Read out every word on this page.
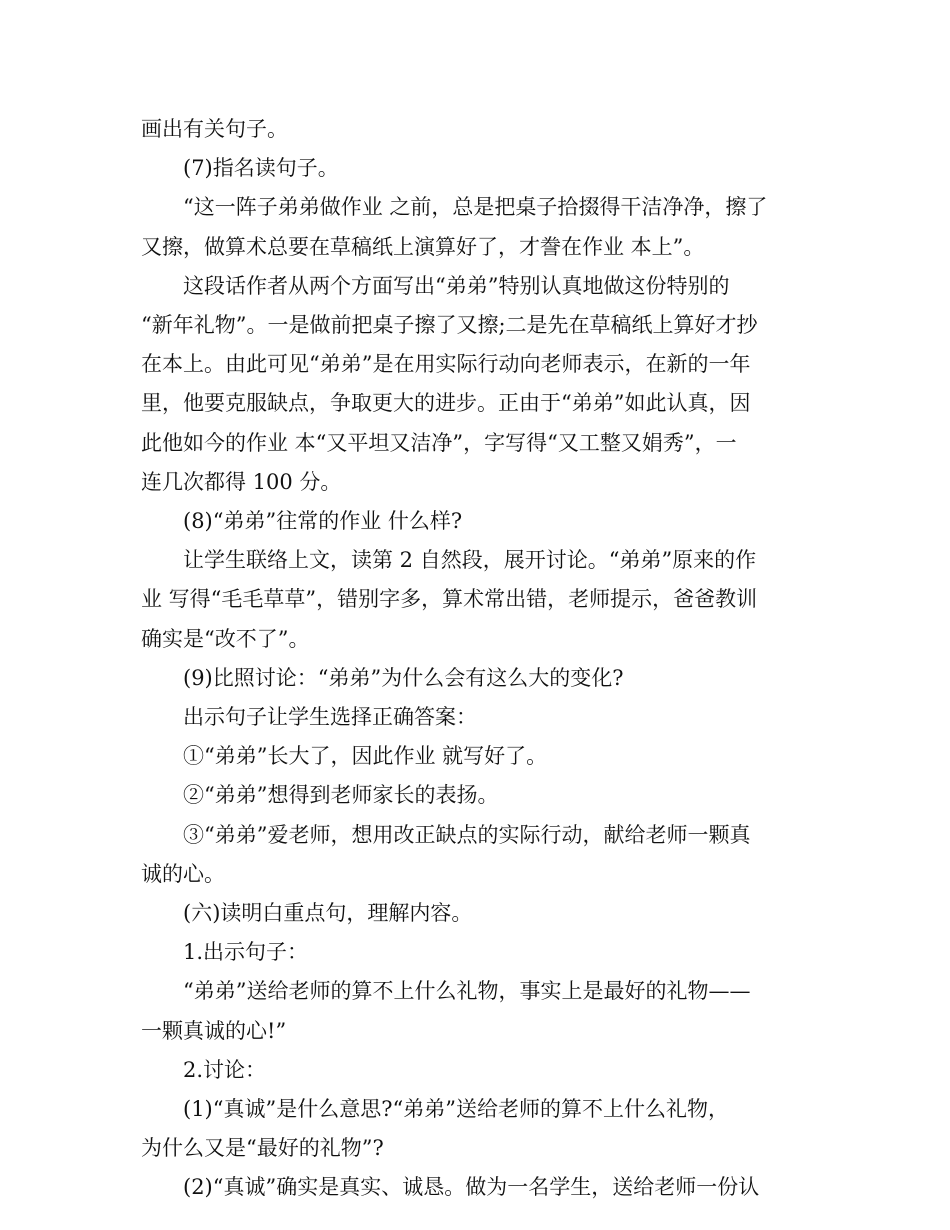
画出有关句子。

(7)指名读句子。

“这一阵子弟弟做作业 之前，总是把桌子拾掇得干洁净净，擦了

又擦，做算术总要在草稿纸上演算好了，才誊在作业 本上”。

这段话作者从两个方面写出“弟弟”特别认真地做这份特别的

“新年礼物”。一是做前把桌子擦了又擦;二是先在草稿纸上算好才抄

在本上。由此可见“弟弟”是在用实际行动向老师表示，在新的一年

里，他要克服缺点，争取更大的进步。正由于“弟弟”如此认真，因

此他如今的作业 本“又平坦又洁净”，字写得“又工整又娟秀”，一

连几次都得 100 分。

(8)“弟弟”往常的作业 什么样?

让学生联络上文，读第 2 自然段，展开讨论。“弟弟”原来的作

业 写得“毛毛草草”，错别字多，算术常出错，老师提示，爸爸教训

确实是“改不了”。

(9)比照讨论：“弟弟”为什么会有这么大的变化?

出示句子让学生选择正确答案：

①“弟弟”长大了，因此作业 就写好了。

②“弟弟”想得到老师家长的表扬。

③“弟弟”爱老师，想用改正缺点的实际行动，献给老师一颗真

诚的心。

(六)读明白重点句，理解内容。

1.出示句子：

“弟弟”送给老师的算不上什么礼物，事实上是最好的礼物——

一颗真诚的心!”

2.讨论：

(1)“真诚”是什么意思?“弟弟”送给老师的算不上什么礼物，

为什么又是“最好的礼物”?

(2)“真诚”确实是真实、诚恳。做为一名学生，送给老师一份认
